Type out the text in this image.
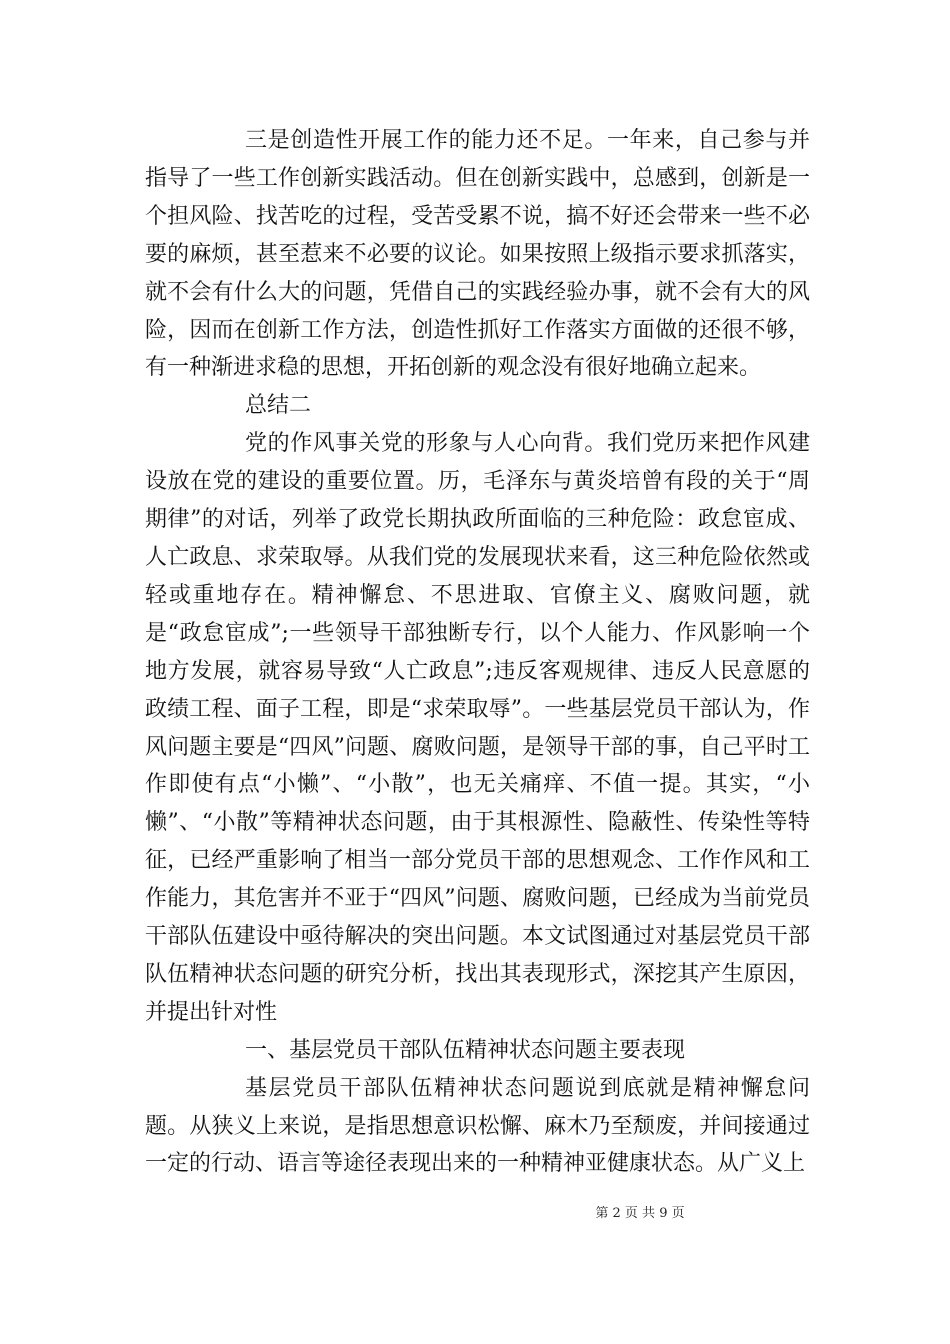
三是创造性开展工作的能力还不足。一年来，自己参与并指导了一些工作创新实践活动。但在创新实践中，总感到，创新是一个担风险、找苦吃的过程，受苦受累不说，搞不好还会带来一些不必要的麻烦，甚至惹来不必要的议论。如果按照上级指示要求抓落实，就不会有什么大的问题，凭借自己的实践经验办事，就不会有大的风险，因而在创新工作方法，创造性抓好工作落实方面做的还很不够，有一种渐进求稳的思想，开拓创新的观念没有很好地确立起来。

总结二

党的作风事关党的形象与人心向背。我们党历来把作风建设放在党的建设的重要位置。历，毛泽东与黄炎培曾有段的关于“周期律”的对话，列举了政党长期执政所面临的三种危险：政怠宦成、人亡政息、求荣取辱。从我们党的发展现状来看，这三种危险依然或轻或重地存在。精神懈怠、不思进取、官僚主义、腐败问题，就是“政怠宦成”;一些领导干部独断专行，以个人能力、作风影响一个地方发展，就容易导致“人亡政息”;违反客观规律、违反人民意愿的政绩工程、面子工程，即是“求荣取辱”。一些基层党员干部认为，作风问题主要是“四风”问题、腐败问题，是领导干部的事，自己平时工作即使有点“小懒”、“小散”，也无关痛痒、不值一提。其实，“小懒”、“小散”等精神状态问题，由于其根源性、隐蔽性、传染性等特征，已经严重影响了相当一部分党员干部的思想观念、工作作风和工作能力，其危害并不亚于“四风”问题、腐败问题，已经成为当前党员干部队伍建设中亟待解决的突出问题。本文试图通过对基层党员干部队伍精神状态问题的研究分析，找出其表现形式，深挖其产生原因，并提出针对性

一、基层党员干部队伍精神状态问题主要表现

基层党员干部队伍精神状态问题说到底就是精神懈怠问题。从狭义上来说，是指思想意识松懈、麻木乃至颓废，并间接通过一定的行动、语言等途径表现出来的一种精神亚健康状态。从广义上

第 2 页 共 9 页
